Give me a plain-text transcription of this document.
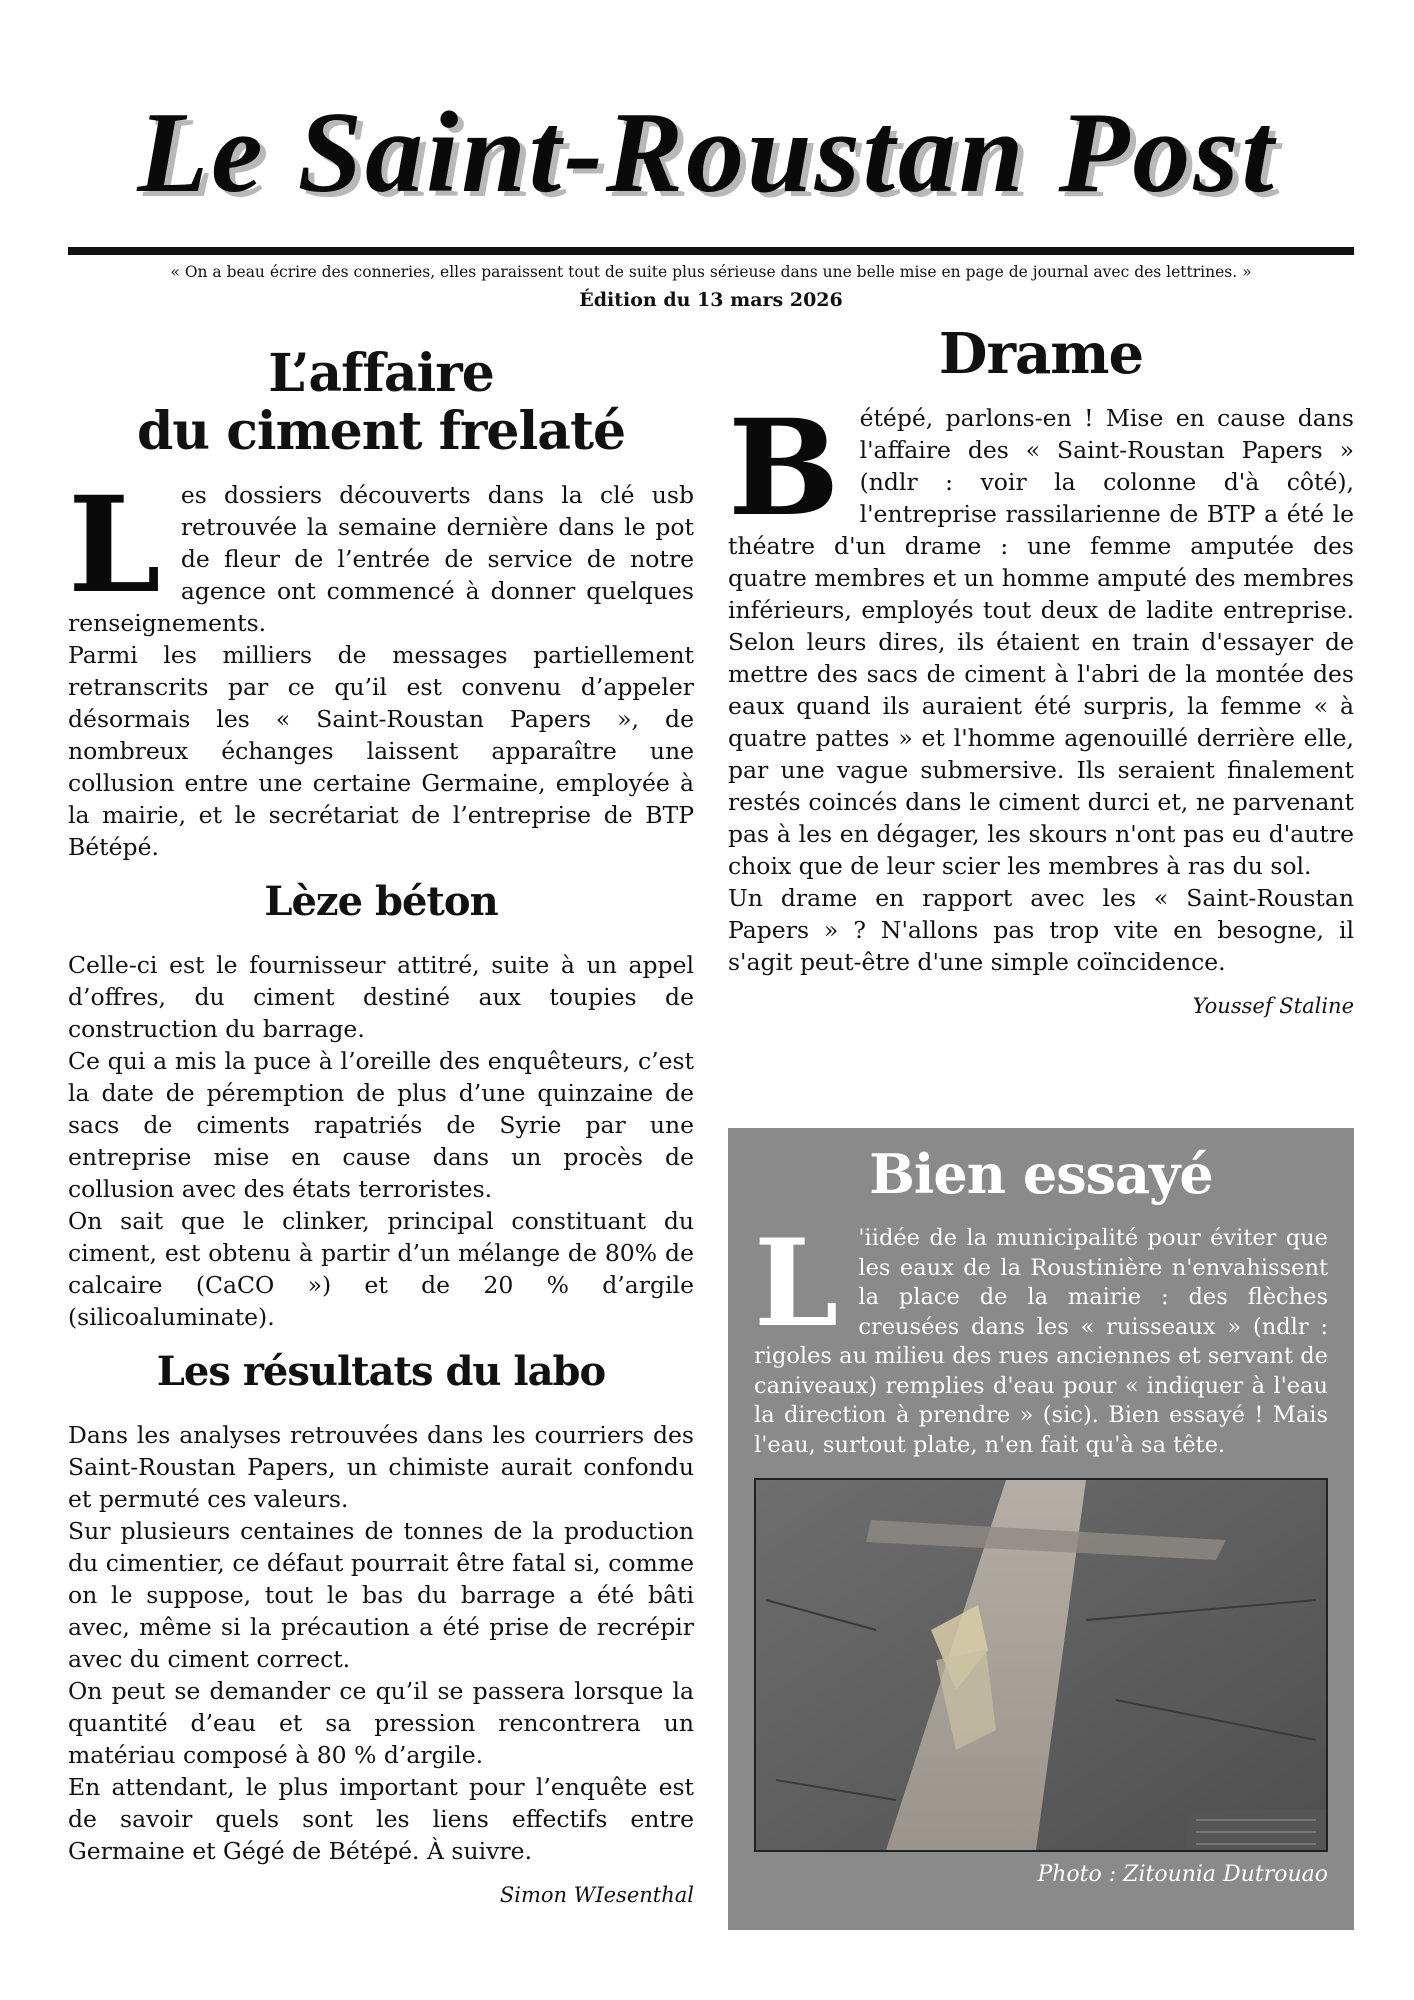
Le Saint-Roustan Post
« On a beau écrire des conneries, elles paraissent tout de suite plus sérieuse dans une belle mise en page de journal avec des lettrines. »
Édition du 13 mars 2026
L’affaire
du ciment frelaté

L es dossiers découverts dans la clé usb retrouvée la semaine dernière dans le pot de fleur de l’entrée de service de notre agence ont commencé à donner quelques renseignements.

Parmi les milliers de messages partiellement retranscrits par ce qu’il est convenu d’appeler désormais les « Saint-Roustan Papers », de nombreux échanges laissent apparaître une collusion entre une certaine Germaine, employée à la mairie, et le secrétariat de l’entreprise de BTP Bétépé.

Lèze béton

Celle-ci est le fournisseur attitré, suite à un appel d’offres, du ciment destiné aux toupies de construction du barrage.

Ce qui a mis la puce à l’oreille des enquêteurs, c’est la date de péremption de plus d’une quinzaine de sacs de ciments rapatriés de Syrie par une entreprise mise en cause dans un procès de collusion avec des états terroristes.

On sait que le clinker, principal constituant du ciment, est obtenu à partir d’un mélange de 80% de calcaire (CaCO ») et de 20 % d’argile (silicoaluminate).

Les résultats du labo

Dans les analyses retrouvées dans les courriers des Saint-Roustan Papers, un chimiste aurait confondu et permuté ces valeurs.

Sur plusieurs centaines de tonnes de la production du cimentier, ce défaut pourrait être fatal si, comme on le suppose, tout le bas du barrage a été bâti avec, même si la précaution a été prise de recrépir avec du ciment correct.

On peut se demander ce qu’il se passera lorsque la quantité d’eau et sa pression rencontrera un matériau composé à 80 % d’argile.

En attendant, le plus important pour l’enquête est de savoir quels sont les liens effectifs entre Germaine et Gégé de Bétépé. À suivre.

Simon WIesenthal
Drame

B étépé, parlons-en ! Mise en cause dans l'affaire des « Saint-Roustan Papers » (ndlr : voir la colonne d'à côté), l'entreprise rassilarienne de BTP a été le théatre d'un drame : une femme amputée des quatre membres et un homme amputé des membres inférieurs, employés tout deux de ladite entreprise. Selon leurs dires, ils étaient en train d'essayer de mettre des sacs de ciment à l'abri de la montée des eaux quand ils auraient été surpris, la femme « à quatre pattes » et l'homme agenouillé derrière elle, par une vague submersive. Ils seraient finalement restés coincés dans le ciment durci et, ne parvenant pas à les en dégager, les skours n'ont pas eu d'autre choix que de leur scier les membres à ras du sol.

Un drame en rapport avec les « Saint-Roustan Papers » ? N'allons pas trop vite en besogne, il s'agit peut-être d'une simple coïncidence.

Youssef Staline
Bien essayé

L 'iidée de la municipalité pour éviter que les eaux de la Roustinière n'envahissent la place de la mairie : des flèches creusées dans les « ruisseaux » (ndlr : rigoles au milieu des rues anciennes et servant de caniveaux) remplies d'eau pour « indiquer à l'eau la direction à prendre » (sic). Bien essayé ! Mais l'eau, surtout plate, n'en fait qu'à sa tête.

Photo : Zitounia Dutrouao
